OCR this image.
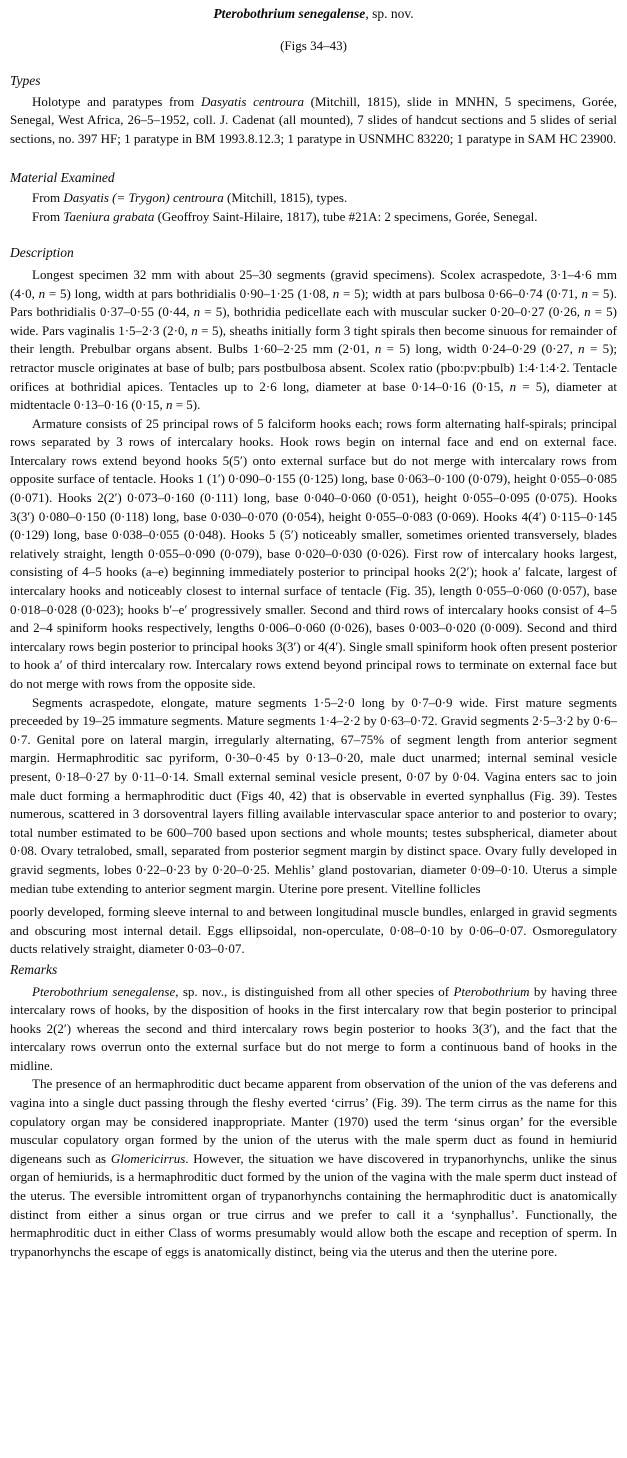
Pterobothrium senegalense, sp. nov.
(Figs 34–43)
Types

Holotype and paratypes from Dasyatis centroura (Mitchill, 1815), slide in MNHN, 5 specimens, Gorée, Senegal, West Africa, 26–5–1952, coll. J. Cadenat (all mounted), 7 slides of handcut sections and 5 slides of serial sections, no. 397 HF; 1 paratype in BM 1993.8.12.3; 1 paratype in USNMHC 83220; 1 paratype in SAM HC 23900.

Material Examined

From Dasyatis (= Trygon) centroura (Mitchill, 1815), types.

From Taeniura grabata (Geoffroy Saint-Hilaire, 1817), tube #21A: 2 specimens, Gorée, Senegal.

Description

Longest specimen 32 mm with about 25–30 segments (gravid specimens). Scolex acraspedote, 3·1–4·6 mm (4·0, n = 5) long, width at pars bothridialis 0·90–1·25 (1·08, n = 5); width at pars bulbosa 0·66–0·74 (0·71, n = 5). Pars bothridialis 0·37–0·55 (0·44, n = 5), bothridia pedicellate each with muscular sucker 0·20–0·27 (0·26, n = 5) wide. Pars vaginalis 1·5–2·3 (2·0, n = 5), sheaths initially form 3 tight spirals then become sinuous for remainder of their length. Prebulbar organs absent. Bulbs 1·60–2·25 mm (2·01, n = 5) long, width 0·24–0·29 (0·27, n = 5); retractor muscle originates at base of bulb; pars postbulbosa absent. Scolex ratio (pbo:pv:pbulb) 1:4·1:4·2. Tentacle orifices at bothridial apices. Tentacles up to 2·6 long, diameter at base 0·14–0·16 (0·15, n = 5), diameter at midtentacle 0·13–0·16 (0·15, n = 5).

Armature consists of 25 principal rows of 5 falciform hooks each; rows form alternating half-spirals; principal rows separated by 3 rows of intercalary hooks. Hook rows begin on internal face and end on external face. Intercalary rows extend beyond hooks 5(5′) onto external surface but do not merge with intercalary rows from opposite surface of tentacle. Hooks 1 (1′) 0·090–0·155 (0·125) long, base 0·063–0·100 (0·079), height 0·055–0·085 (0·071). Hooks 2(2′) 0·073–0·160 (0·111) long, base 0·040–0·060 (0·051), height 0·055–0·095 (0·075). Hooks 3(3′) 0·080–0·150 (0·118) long, base 0·030–0·070 (0·054), height 0·055–0·083 (0·069). Hooks 4(4′) 0·115–0·145 (0·129) long, base 0·038–0·055 (0·048). Hooks 5 (5′) noticeably smaller, sometimes oriented transversely, blades relatively straight, length 0·055–0·090 (0·079), base 0·020–0·030 (0·026). First row of intercalary hooks largest, consisting of 4–5 hooks (a–e) beginning immediately posterior to principal hooks 2(2′); hook a′ falcate, largest of intercalary hooks and noticeably closest to internal surface of tentacle (Fig. 35), length 0·055–0·060 (0·057), base 0·018–0·028 (0·023); hooks b′–e′ progressively smaller. Second and third rows of intercalary hooks consist of 4–5 and 2–4 spiniform hooks respectively, lengths 0·006–0·060 (0·026), bases 0·003–0·020 (0·009). Second and third intercalary rows begin posterior to principal hooks 3(3′) or 4(4′). Single small spiniform hook often present posterior to hook a′ of third intercalary row. Intercalary rows extend beyond principal rows to terminate on external face but do not merge with rows from the opposite side.

Segments acraspedote, elongate, mature segments 1·5–2·0 long by 0·7–0·9 wide. First mature segments preceeded by 19–25 immature segments. Mature segments 1·4–2·2 by 0·63–0·72. Gravid segments 2·5–3·2 by 0·6–0·7. Genital pore on lateral margin, irregularly alternating, 67–75% of segment length from anterior segment margin. Hermaphroditic sac pyriform, 0·30–0·45 by 0·13–0·20, male duct unarmed; internal seminal vesicle present, 0·18–0·27 by 0·11–0·14. Small external seminal vesicle present, 0·07 by 0·04. Vagina enters sac to join male duct forming a hermaphroditic duct (Figs 40, 42) that is observable in everted synphallus (Fig. 39). Testes numerous, scattered in 3 dorsoventral layers filling available intervascular space anterior to and posterior to ovary; total number estimated to be 600–700 based upon sections and whole mounts; testes subspherical, diameter about 0·08. Ovary tetralobed, small, separated from posterior segment margin by distinct space. Ovary fully developed in gravid segments, lobes 0·22–0·23 by 0·20–0·25. Mehlis’ gland postovarian, diameter 0·09–0·10. Uterus a simple median tube extending to anterior segment margin. Uterine pore present. Vitelline follicles

poorly developed, forming sleeve internal to and between longitudinal muscle bundles, enlarged in gravid segments and obscuring most internal detail. Eggs ellipsoidal, non-operculate, 0·08–0·10 by 0·06–0·07. Osmoregulatory ducts relatively straight, diameter 0·03–0·07.

Remarks

Pterobothrium senegalense, sp. nov., is distinguished from all other species of Pterobothrium by having three intercalary rows of hooks, by the disposition of hooks in the first intercalary row that begin posterior to principal hooks 2(2′) whereas the second and third intercalary rows begin posterior to hooks 3(3′), and the fact that the intercalary rows overrun onto the external surface but do not merge to form a continuous band of hooks in the midline.

The presence of an hermaphroditic duct became apparent from observation of the union of the vas deferens and vagina into a single duct passing through the fleshy everted ‘cirrus’ (Fig. 39). The term cirrus as the name for this copulatory organ may be considered inappropriate. Manter (1970) used the term ‘sinus organ’ for the eversible muscular copulatory organ formed by the union of the uterus with the male sperm duct as found in hemiurid digeneans such as Glomericirrus. However, the situation we have discovered in trypanorhynchs, unlike the sinus organ of hemiurids, is a hermaphroditic duct formed by the union of the vagina with the male sperm duct instead of the uterus. The eversible intromittent organ of trypanorhynchs containing the hermaphroditic duct is anatomically distinct from either a sinus organ or true cirrus and we prefer to call it a ‘synphallus’. Functionally, the hermaphroditic duct in either Class of worms presumably would allow both the escape and reception of sperm. In trypanorhynchs the escape of eggs is anatomically distinct, being via the uterus and then the uterine pore.
